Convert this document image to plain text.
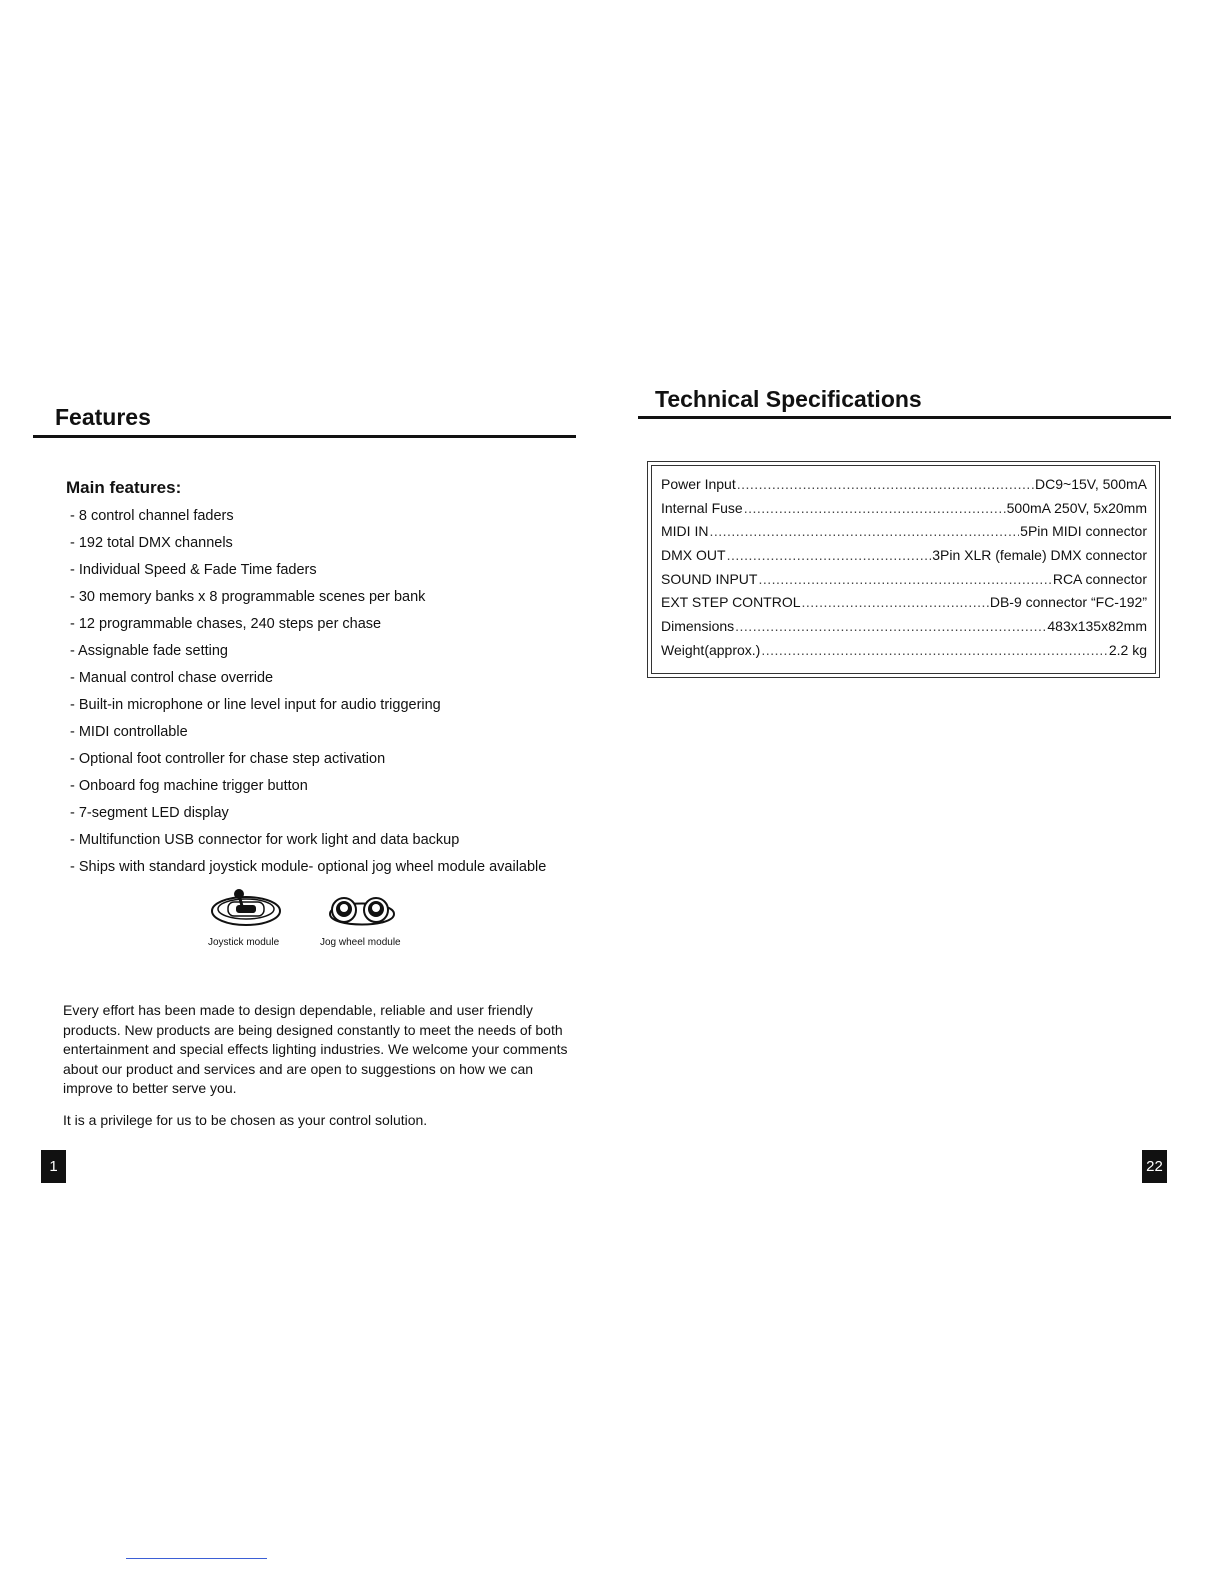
Features
Main features:
- 8 control channel faders
- 192 total DMX channels
- Individual Speed & Fade Time faders
- 30 memory banks x 8 programmable scenes per bank
- 12 programmable chases, 240 steps per chase
- Assignable fade setting
- Manual control chase override
- Built-in microphone or line level input for audio triggering
- MIDI controllable
- Optional foot controller for chase step activation
- Onboard fog machine trigger button
- 7-segment LED display
- Multifunction USB connector for work light and data backup
- Ships with standard joystick module- optional jog wheel module available
Joystick module	Jog wheel module

Every effort has been made to design dependable, reliable and user friendly products. New products are being designed constantly to meet the needs of both entertainment and special effects lighting industries. We welcome your comments about our product and services and are open to suggestions on how we can improve to better serve you.

It is a privilege for us to be chosen as your control solution.

1
Technical Specifications
Power Input .....	DC9~15V, 500mA
Internal Fuse .....	500mA 250V, 5x20mm
MIDI IN .....	5Pin MIDI connector
DMX OUT .....	3Pin XLR (female) DMX connector
SOUND INPUT .....	RCA connector
EXT STEP CONTROL .....	DB-9 connector “FC-192”
Dimensions .....	483x135x82mm
Weight(approx.) .....	2.2 kg
22
